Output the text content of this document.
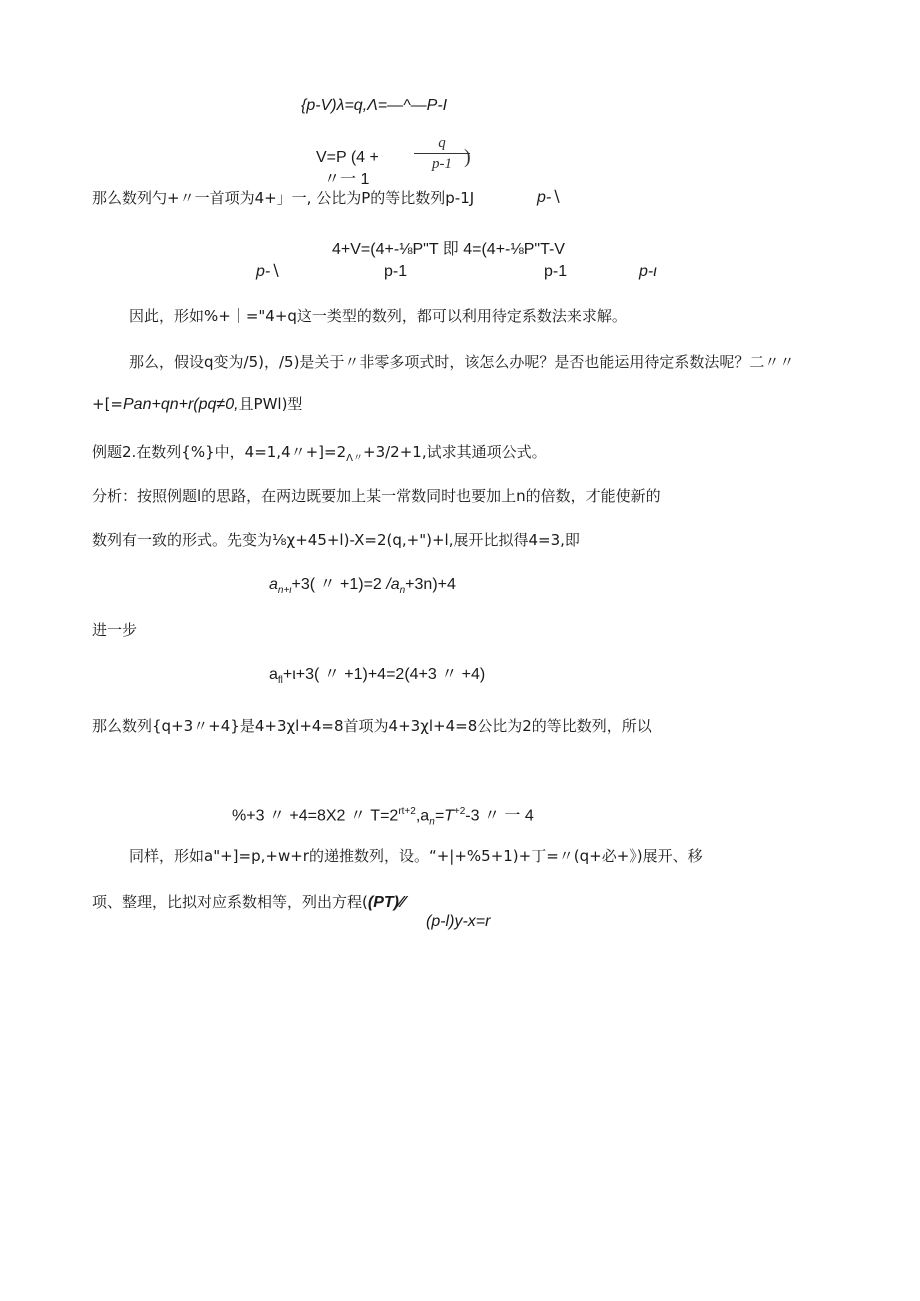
{p-V)λ=q,Λ=—^—P-I
V=P (4 +
q
p-1 )
〃一 1
那么数列勺+〃一首项为4+」一, 公比为P的等比数列p-1J	p-∖
4+V=(4+-⅛P"T 即 4=(4+-⅛P"T-V
p-∖	p-1	p-1	p-ι
因此，形如%+｜="4+q这一类型的数列，都可以利用待定系数法来求解。
那么，假设q变为/5)，/5)是关于〃非零多项式时，该怎么办呢？是否也能运用待定系数法呢？二〃〃
+[=Pan+qn+r(pq≠0,且PWl)型
例题2.在数列{%}中，4=1,4〃$+]=2_{\Lambda〃}+3/2+1$,试求其通项公式。
分析：按照例题l的思路，在两边既要加上某一常数同时也要加上n的倍数，才能使新的
数列有一致的形式。先变为⅛χ+45+l)-X=2(q,+")+l,展开比拟得4=3,即
$a_{n+\iota}+3$( 〃 +1)=2 $/a_n+3n)+4$
进一步
$a_{fl}+\iota+3$( 〃 +1)+4=2(4+3 〃 +4)
那么数列{q+3〃+4}是4+3χl+4=8首项为4+3χl+4=8公比为2的等比数列，所以
%+3 〃 +4=8X2 〃 $T=2^{rt+2},a_n=T^{+2}-3$ 〃 一 4
同样，形如a"+]=p,+w+r的递推数列，设。“+|+%5+1)+丁=〃(q+必+》)展开、移
项、整理，比拟对应系数相等，列出方程((PT)∕∕
(p-l)y-x=r
